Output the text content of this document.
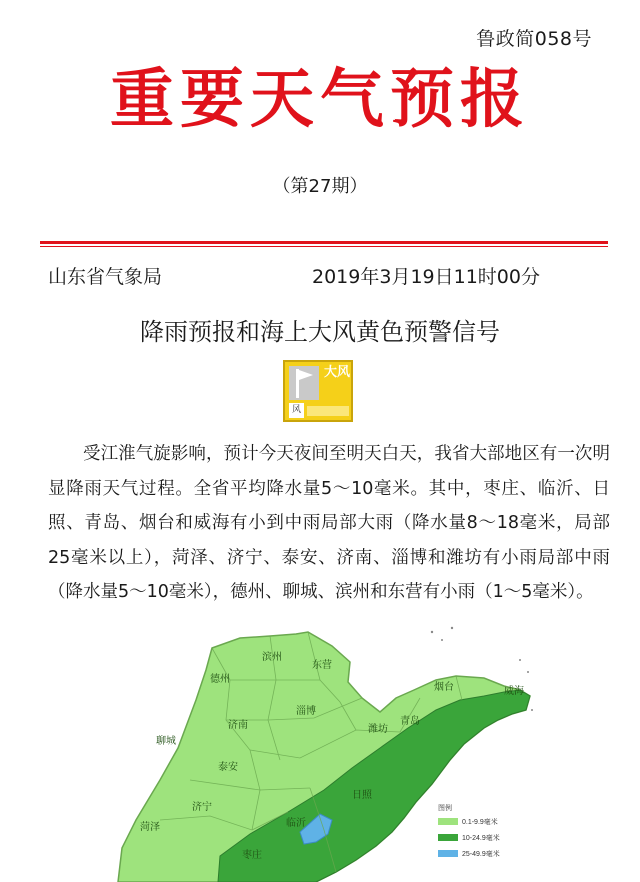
鲁政简058号
重要天气预报
（第27期）
山东省气象局	2019年3月19日11时00分
降雨预报和海上大风黄色预警信号
大风
风

受江淮气旋影响，预计今天夜间至明天白天，我省大部地区有一次明显降雨天气过程。全省平均降水量5～10毫米。其中，枣庄、临沂、日照、青岛、烟台和威海有小到中雨局部大雨（降水量8～18毫米，局部25毫米以上），菏泽、济宁、泰安、济南、淄博和潍坊有小雨局部中雨（降水量5～10毫米），德州、聊城、滨州和东营有小雨（1～5毫米）。

滨州
东营
德州
淄博
济南
聊城
潍坊
烟台	威海
泰安
青岛
菏泽
济宁
临沂
枣庄
日照
图例
0.1-9.9毫米
10-24.9毫米
25-49.9毫米
